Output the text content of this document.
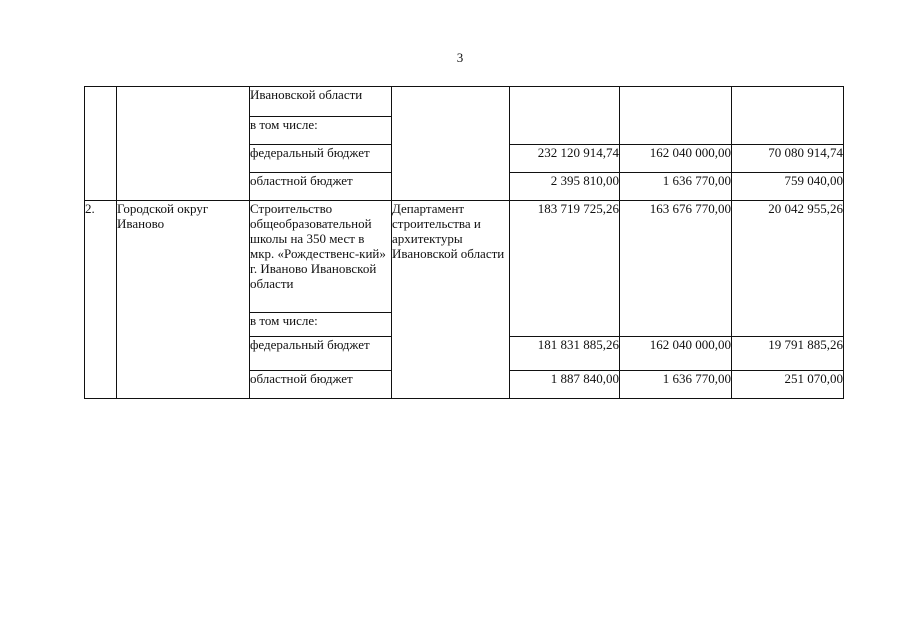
3
		Ивановской области				
		в том числе:				
		федеральный бюджет		232 120 914,74	162 040 000,00	70 080 914,74
		областной бюджет		2 395 810,00	1 636 770,00	759 040,00
2.	Городской округ Иваново	Строительство общеобразовательной школы на 350 мест в мкр. «Рождественс-кий» г. Иваново Ивановской области	Департамент строительства и архитектуры Ивановской области	183 719 725,26	163 676 770,00	20 042 955,26
		в том числе:				
		федеральный бюджет		181 831 885,26	162 040 000,00	19 791 885,26
		областной бюджет		1 887 840,00	1 636 770,00	251 070,00
